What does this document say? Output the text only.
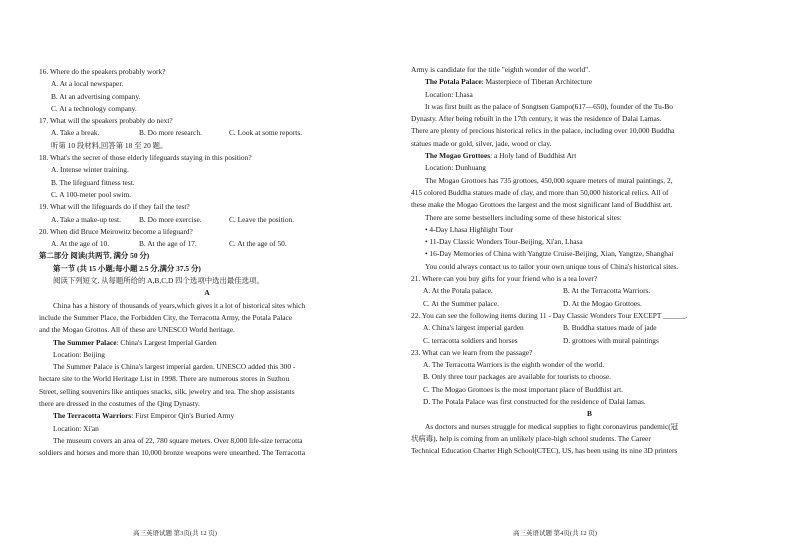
16. Where do the speakers probably work?
A. At a local newspaper.
B. At an advertising company.
C. At a technology company.
17. What will the speakers probably do next?
A. Take a break.	B. Do more research.	C. Look at some reports.
听第 10 段材料,回答第 18 至 20 题。
18. What's the secret of those elderly lifeguards staying in this position?
A. Intense winter training.
B. The lifeguard fitness test.
C. A 100-meter pool swim.
19. What will the lifeguards do if they fail the test?
A. Take a make-up test.	B. Do more exercise.	C. Leave the position.
20. When did Bruce Meirowitz become a lifeguard?
A. At the age of 10.	B. At the age of 17.	C. At the age of 50.
第二部分 阅读(共两节, 满分 50 分)
第一节 (共 15 小题;每小题 2.5 分,满分 37.5 分)
阅读下列短文, 从每题所给的 A,B,C,D 四个选项中选出最佳选项。
A
China has a history of thousands of years,which gives it a lot of historical sites which
include the Summer Place, the Forbidden City, the Terracotta Army, the Potala Palace
and the Mogao Grottos. All of these are UNESCO World heritage.
The Summer Palace: China's Largest Imperial Garden
Location: Beijing
The Summer Palace is China's largest imperial garden. UNESCO added this 300 -
hectare site to the World Heritage List in 1998. There are numerous stores in Suzhou
Street, selling souvenirs like antiques snacks, silk, jewelry and tea. The shop assistants
there are dressed in the costumes of the Qing Dynasty.
The Terracotta Warriors: First Emperor Qin's Buried Army
Location: Xi'an
The museum covers an area of 22, 780 square meters. Over 8,000 life-size terracotta
soldiers and horses and more than 10,000 bronze weapons were unearthed. The Terracotta
高三英语试题 第3页(共 12 页)
Army is candidate for the title "eighth wonder of the world".
The Potala Palace: Masterpiece of Tibetan Architecture
Location: Lhasa
It was first built as the palace of Songtsen Gampo(617—650), founder of the Tu-Bo
Dynasty. After being rebuilt in the 17th century, it was the residence of Dalai Lamas.
There are plenty of precious historical relics in the palace, including over 10,000 Buddha
statues made or gold, silver, jade, wood or clay.
The Mogao Grottoes: a Holy land of Buddhist Art
Location: Dunhuang
The Mogao Grottoes has 735 grottoes, 450,000 square meters of mural paintings, 2,
415 colored Buddha statues made of clay, and more than 50,000 historical relics. All of
these make the Mogao Grottoes the largest and the most significant land of Buddhist art.
There are some bestsellers including some of these historical sites:
• 4-Day Lhasa Highlight Tour
• 11-Day Classic Wonders Tour-Beijing, Xi'an, Lhasa
• 16-Day Memories of China with Yangtze Cruise-Beijing, Xian, Yangtze, Shanghai
You could always contact us to tailor your own unique tous of China's historical sites.
21. Where can you buy gifts for your friend who is a tea lover?
A. At the Potala palace.	B. At the Terracotta Warriors.
C. At the Summer palace.	D. At the Mogao Grottoes.
22. You can see the following items during 11 - Day Classic Wonders Tour EXCEPT ______.
A. China's largest imperial garden	B. Buddha statues made of jade
C. terracotta soldiers and horses	D. grottoes with mural paintings
23. What can we learn from the passage?
A. The Terracotta Warriors is the eighth wonder of the world.
B. Only three tour packages are available for tourists to choose.
C. The Mogao Grottoes is the most important place of Buddhist art.
D. The Potala Palace was first constructed for the residence of Dalai lamas.
B
As doctors and nurses struggle for medical supplies to fight coronavirus pandemic(冠
状病毒), help is coming from an unlikely place-high school students. The Career
Technical Education Charter High School(CTEC), US, has been using its nine 3D printers
高三英语试题 第4页(共 12 页)
